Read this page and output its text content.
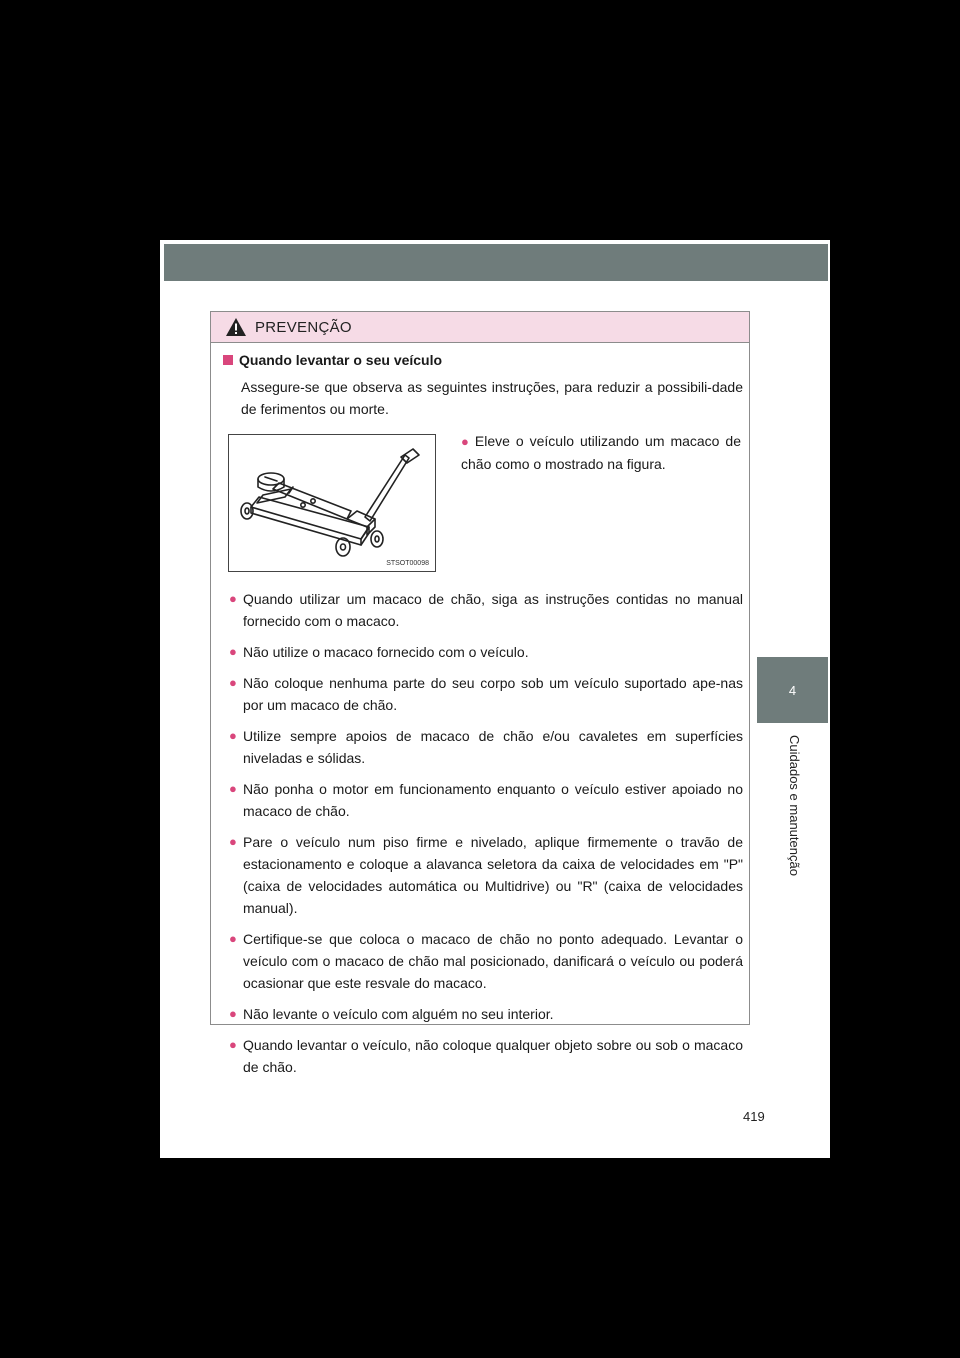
4
Cuidados e manutenção
PREVENÇÃO
Quando levantar o seu veículo
Assegure-se que observa as seguintes instruções, para reduzir a possibili-dade de ferimentos ou morte.
STSOT00098
● Eleve o veículo utilizando um macaco de chão como o mostrado na figura.
● Quando utilizar um macaco de chão, siga as instruções contidas no manual fornecido com o macaco.
● Não utilize o macaco fornecido com o veículo.
● Não coloque nenhuma parte do seu corpo sob um veículo suportado ape-nas por um macaco de chão.
● Utilize sempre apoios de macaco de chão e/ou cavaletes em superfícies niveladas e sólidas.
● Não ponha o motor em funcionamento enquanto o veículo estiver apoiado no macaco de chão.
● Pare o veículo num piso firme e nivelado, aplique firmemente o travão de estacionamento e coloque a alavanca seletora da caixa de velocidades em "P" (caixa de velocidades automática ou Multidrive) ou "R" (caixa de velocidades manual).
● Certifique-se que coloca o macaco de chão no ponto adequado. Levantar o veículo com o macaco de chão mal posicionado, danificará o veículo ou poderá ocasionar que este resvale do macaco.
● Não levante o veículo com alguém no seu interior.
● Quando levantar o veículo, não coloque qualquer objeto sobre ou sob o macaco de chão.
419
